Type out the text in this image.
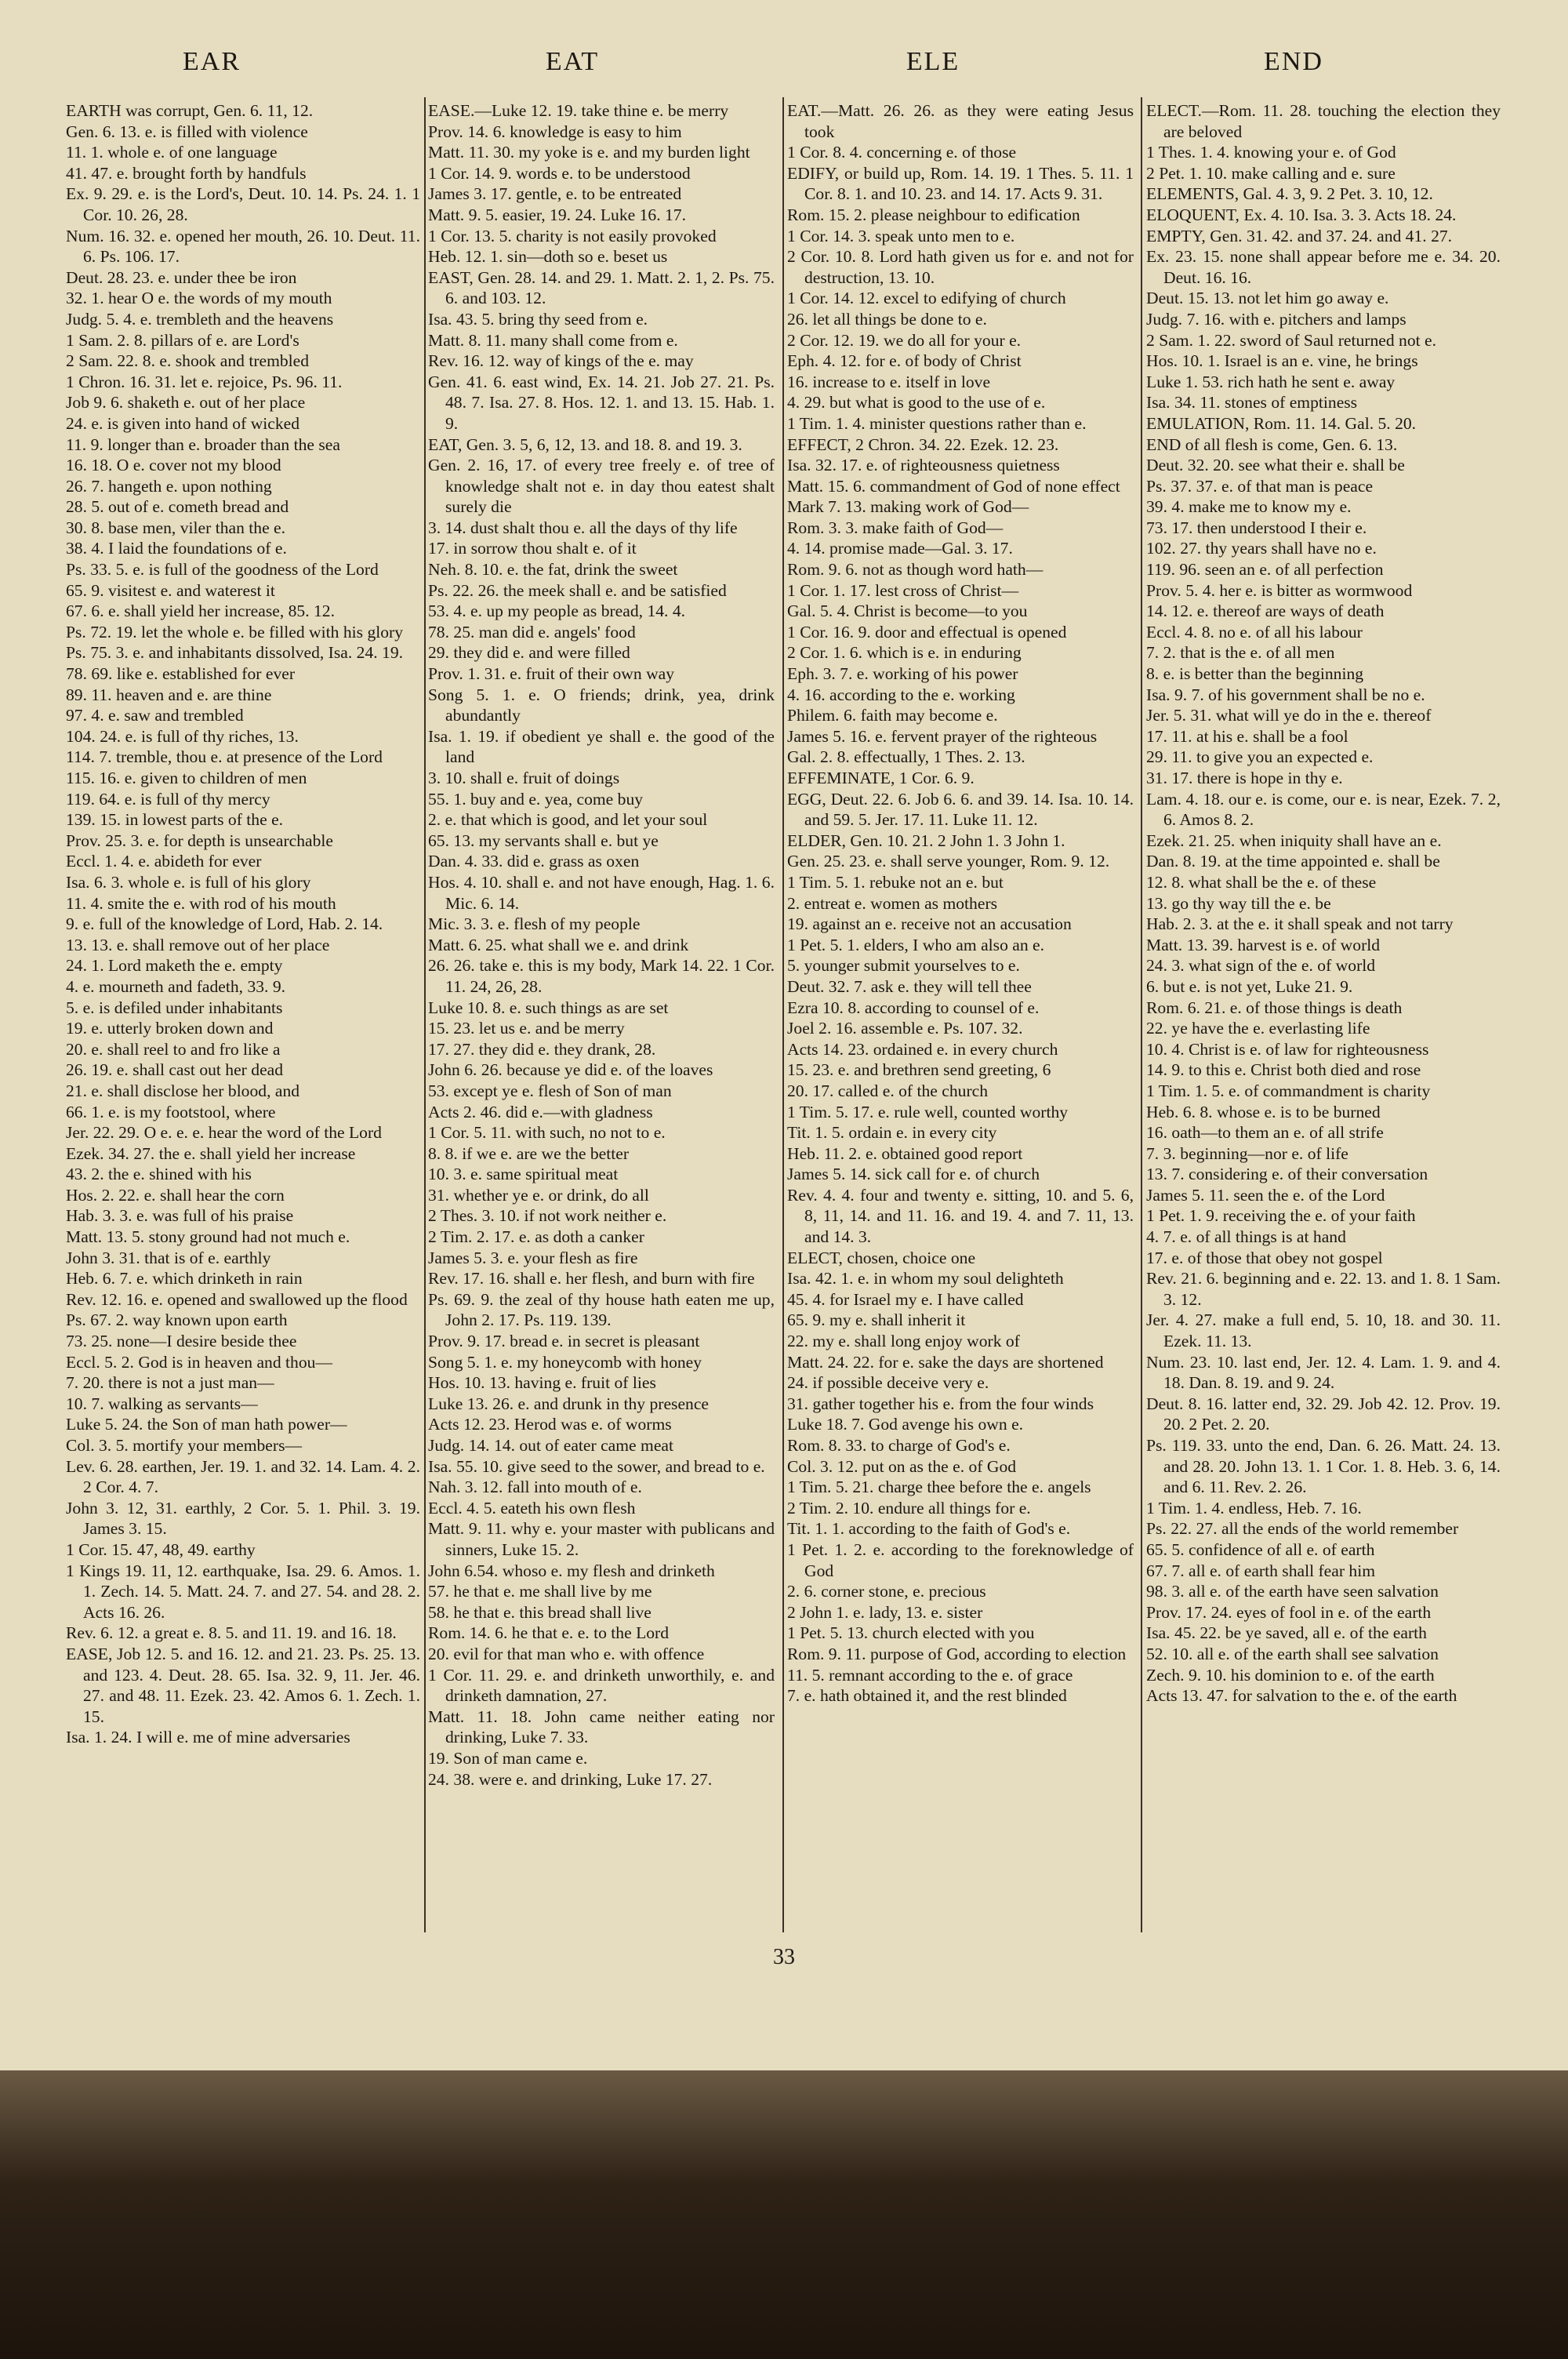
EAR	EAT	ELE	END
EARTH was corrupt, Gen. 6. 11, 12.
Gen. 6. 13. e. is filled with violence
11. 1. whole e. of one language
41. 47. e. brought forth by handfuls
Ex. 9. 29. e. is the Lord's, Deut. 10. 14. Ps. 24. 1. 1 Cor. 10. 26, 28.
Num. 16. 32. e. opened her mouth, 26. 10. Deut. 11. 6. Ps. 106. 17.
Deut. 28. 23. e. under thee be iron
32. 1. hear O e. the words of my mouth
Judg. 5. 4. e. trembleth and the heavens
1 Sam. 2. 8. pillars of e. are Lord's
2 Sam. 22. 8. e. shook and trembled
1 Chron. 16. 31. let e. rejoice, Ps. 96. 11.
Job 9. 6. shaketh e. out of her place
24. e. is given into hand of wicked
11. 9. longer than e. broader than the sea
16. 18. O e. cover not my blood
26. 7. hangeth e. upon nothing
28. 5. out of e. cometh bread and
30. 8. base men, viler than the e.
38. 4. I laid the foundations of e.
Ps. 33. 5. e. is full of the goodness of the Lord
65. 9. visitest e. and waterest it
67. 6. e. shall yield her increase, 85. 12.
Ps. 72. 19. let the whole e. be filled with his glory
Ps. 75. 3. e. and inhabitants dissolved, Isa. 24. 19.
78. 69. like e. established for ever
89. 11. heaven and e. are thine
97. 4. e. saw and trembled
104. 24. e. is full of thy riches, 13.
114. 7. tremble, thou e. at presence of the Lord
115. 16. e. given to children of men
119. 64. e. is full of thy mercy
139. 15. in lowest parts of the e.
Prov. 25. 3. e. for depth is unsearchable
Eccl. 1. 4. e. abideth for ever
Isa. 6. 3. whole e. is full of his glory
11. 4. smite the e. with rod of his mouth
9. e. full of the knowledge of Lord, Hab. 2. 14.
13. 13. e. shall remove out of her place
24. 1. Lord maketh the e. empty
4. e. mourneth and fadeth, 33. 9.
5. e. is defiled under inhabitants
19. e. utterly broken down and
20. e. shall reel to and fro like a
26. 19. e. shall cast out her dead
21. e. shall disclose her blood, and
66. 1. e. is my footstool, where
Jer. 22. 29. O e. e. e. hear the word of the Lord
Ezek. 34. 27. the e. shall yield her increase
43. 2. the e. shined with his
Hos. 2. 22. e. shall hear the corn
Hab. 3. 3. e. was full of his praise
Matt. 13. 5. stony ground had not much e.
John 3. 31. that is of e. earthly
Heb. 6. 7. e. which drinketh in rain
Rev. 12. 16. e. opened and swallowed up the flood
Ps. 67. 2. way known upon earth
73. 25. none—I desire beside thee
Eccl. 5. 2. God is in heaven and thou—
7. 20. there is not a just man—
10. 7. walking as servants—
Luke 5. 24. the Son of man hath power—
Col. 3. 5. mortify your members—
Lev. 6. 28. earthen, Jer. 19. 1. and 32. 14. Lam. 4. 2. 2 Cor. 4. 7.
John 3. 12, 31. earthly, 2 Cor. 5. 1. Phil. 3. 19. James 3. 15.
1 Cor. 15. 47, 48, 49. earthy
1 Kings 19. 11, 12. earthquake, Isa. 29. 6. Amos. 1. 1. Zech. 14. 5. Matt. 24. 7. and 27. 54. and 28. 2. Acts 16. 26.
Rev. 6. 12. a great e. 8. 5. and 11. 19. and 16. 18.
EASE, Job 12. 5. and 16. 12. and 21. 23. Ps. 25. 13. and 123. 4. Deut. 28. 65. Isa. 32. 9, 11. Jer. 46. 27. and 48. 11. Ezek. 23. 42. Amos 6. 1. Zech. 1. 15.
Isa. 1. 24. I will e. me of mine adversaries
EASE.—Luke 12. 19. take thine e. be merry
Prov. 14. 6. knowledge is easy to him
Matt. 11. 30. my yoke is e. and my burden light
1 Cor. 14. 9. words e. to be understood
James 3. 17. gentle, e. to be entreated
Matt. 9. 5. easier, 19. 24. Luke 16. 17.
1 Cor. 13. 5. charity is not easily provoked
Heb. 12. 1. sin—doth so e. beset us
EAST, Gen. 28. 14. and 29. 1. Matt. 2. 1, 2. Ps. 75. 6. and 103. 12.
Isa. 43. 5. bring thy seed from e.
Matt. 8. 11. many shall come from e.
Rev. 16. 12. way of kings of the e. may
Gen. 41. 6. east wind, Ex. 14. 21. Job 27. 21. Ps. 48. 7. Isa. 27. 8. Hos. 12. 1. and 13. 15. Hab. 1. 9.
EAT, Gen. 3. 5, 6, 12, 13. and 18. 8. and 19. 3.
Gen. 2. 16, 17. of every tree freely e. of tree of knowledge shalt not e. in day thou eatest shalt surely die
3. 14. dust shalt thou e. all the days of thy life
17. in sorrow thou shalt e. of it
Neh. 8. 10. e. the fat, drink the sweet
Ps. 22. 26. the meek shall e. and be satisfied
53. 4. e. up my people as bread, 14. 4.
78. 25. man did e. angels' food
29. they did e. and were filled
Prov. 1. 31. e. fruit of their own way
Song 5. 1. e. O friends; drink, yea, drink abundantly
Isa. 1. 19. if obedient ye shall e. the good of the land
3. 10. shall e. fruit of doings
55. 1. buy and e. yea, come buy
2. e. that which is good, and let your soul
65. 13. my servants shall e. but ye
Dan. 4. 33. did e. grass as oxen
Hos. 4. 10. shall e. and not have enough, Hag. 1. 6. Mic. 6. 14.
Mic. 3. 3. e. flesh of my people
Matt. 6. 25. what shall we e. and drink
26. 26. take e. this is my body, Mark 14. 22. 1 Cor. 11. 24, 26, 28.
Luke 10. 8. e. such things as are set
15. 23. let us e. and be merry
17. 27. they did e. they drank, 28.
John 6. 26. because ye did e. of the loaves
53. except ye e. flesh of Son of man
Acts 2. 46. did e.—with gladness
1 Cor. 5. 11. with such, no not to e.
8. 8. if we e. are we the better
10. 3. e. same spiritual meat
31. whether ye e. or drink, do all
2 Thes. 3. 10. if not work neither e.
2 Tim. 2. 17. e. as doth a canker
James 5. 3. e. your flesh as fire
Rev. 17. 16. shall e. her flesh, and burn with fire
Ps. 69. 9. the zeal of thy house hath eaten me up, John 2. 17. Ps. 119. 139.
Prov. 9. 17. bread e. in secret is pleasant
Song 5. 1. e. my honeycomb with honey
Hos. 10. 13. having e. fruit of lies
Luke 13. 26. e. and drunk in thy presence
Acts 12. 23. Herod was e. of worms
Judg. 14. 14. out of eater came meat
Isa. 55. 10. give seed to the sower, and bread to e.
Nah. 3. 12. fall into mouth of e.
Eccl. 4. 5. eateth his own flesh
Matt. 9. 11. why e. your master with publicans and sinners, Luke 15. 2.
John 6.54. whoso e. my flesh and drinketh
57. he that e. me shall live by me
58. he that e. this bread shall live
Rom. 14. 6. he that e. e. to the Lord
20. evil for that man who e. with offence
1 Cor. 11. 29. e. and drinketh unworthily, e. and drinketh damnation, 27.
Matt. 11. 18. John came neither eating nor drinking, Luke 7. 33.
19. Son of man came e.
24. 38. were e. and drinking, Luke 17. 27.
EAT.—Matt. 26. 26. as they were eating Jesus took
1 Cor. 8. 4. concerning e. of those
EDIFY, or build up, Rom. 14. 19. 1 Thes. 5. 11. 1 Cor. 8. 1. and 10. 23. and 14. 17. Acts 9. 31.
Rom. 15. 2. please neighbour to edification
1 Cor. 14. 3. speak unto men to e.
2 Cor. 10. 8. Lord hath given us for e. and not for destruction, 13. 10.
1 Cor. 14. 12. excel to edifying of church
26. let all things be done to e.
2 Cor. 12. 19. we do all for your e.
Eph. 4. 12. for e. of body of Christ
16. increase to e. itself in love
4. 29. but what is good to the use of e.
1 Tim. 1. 4. minister questions rather than e.
EFFECT, 2 Chron. 34. 22. Ezek. 12. 23.
Isa. 32. 17. e. of righteousness quietness
Matt. 15. 6. commandment of God of none effect
Mark 7. 13. making work of God—
Rom. 3. 3. make faith of God—
4. 14. promise made—Gal. 3. 17.
Rom. 9. 6. not as though word hath—
1 Cor. 1. 17. lest cross of Christ—
Gal. 5. 4. Christ is become—to you
1 Cor. 16. 9. door and effectual is opened
2 Cor. 1. 6. which is e. in enduring
Eph. 3. 7. e. working of his power
4. 16. according to the e. working
Philem. 6. faith may become e.
James 5. 16. e. fervent prayer of the righteous
Gal. 2. 8. effectually, 1 Thes. 2. 13.
EFFEMINATE, 1 Cor. 6. 9.
EGG, Deut. 22. 6. Job 6. 6. and 39. 14. Isa. 10. 14. and 59. 5. Jer. 17. 11. Luke 11. 12.
ELDER, Gen. 10. 21. 2 John 1. 3 John 1.
Gen. 25. 23. e. shall serve younger, Rom. 9. 12.
1 Tim. 5. 1. rebuke not an e. but
2. entreat e. women as mothers
19. against an e. receive not an accusation
1 Pet. 5. 1. elders, I who am also an e.
5. younger submit yourselves to e.
Deut. 32. 7. ask e. they will tell thee
Ezra 10. 8. according to counsel of e.
Joel 2. 16. assemble e. Ps. 107. 32.
Acts 14. 23. ordained e. in every church
15. 23. e. and brethren send greeting, 6
20. 17. called e. of the church
1 Tim. 5. 17. e. rule well, counted worthy
Tit. 1. 5. ordain e. in every city
Heb. 11. 2. e. obtained good report
James 5. 14. sick call for e. of church
Rev. 4. 4. four and twenty e. sitting, 10. and 5. 6, 8, 11, 14. and 11. 16. and 19. 4. and 7. 11, 13. and 14. 3.
ELECT, chosen, choice one
Isa. 42. 1. e. in whom my soul delighteth
45. 4. for Israel my e. I have called
65. 9. my e. shall inherit it
22. my e. shall long enjoy work of
Matt. 24. 22. for e. sake the days are shortened
24. if possible deceive very e.
31. gather together his e. from the four winds
Luke 18. 7. God avenge his own e.
Rom. 8. 33. to charge of God's e.
Col. 3. 12. put on as the e. of God
1 Tim. 5. 21. charge thee before the e. angels
2 Tim. 2. 10. endure all things for e.
Tit. 1. 1. according to the faith of God's e.
1 Pet. 1. 2. e. according to the foreknowledge of God
2. 6. corner stone, e. precious
2 John 1. e. lady, 13. e. sister
1 Pet. 5. 13. church elected with you
Rom. 9. 11. purpose of God, according to election
11. 5. remnant according to the e. of grace
7. e. hath obtained it, and the rest blinded
ELECT.—Rom. 11. 28. touching the election they are beloved
1 Thes. 1. 4. knowing your e. of God
2 Pet. 1. 10. make calling and e. sure
ELEMENTS, Gal. 4. 3, 9. 2 Pet. 3. 10, 12.
ELOQUENT, Ex. 4. 10. Isa. 3. 3. Acts 18. 24.
EMPTY, Gen. 31. 42. and 37. 24. and 41. 27.
Ex. 23. 15. none shall appear before me e. 34. 20. Deut. 16. 16.
Deut. 15. 13. not let him go away e.
Judg. 7. 16. with e. pitchers and lamps
2 Sam. 1. 22. sword of Saul returned not e.
Hos. 10. 1. Israel is an e. vine, he brings
Luke 1. 53. rich hath he sent e. away
Isa. 34. 11. stones of emptiness
EMULATION, Rom. 11. 14. Gal. 5. 20.
END of all flesh is come, Gen. 6. 13.
Deut. 32. 20. see what their e. shall be
Ps. 37. 37. e. of that man is peace
39. 4. make me to know my e.
73. 17. then understood I their e.
102. 27. thy years shall have no e.
119. 96. seen an e. of all perfection
Prov. 5. 4. her e. is bitter as wormwood
14. 12. e. thereof are ways of death
Eccl. 4. 8. no e. of all his labour
7. 2. that is the e. of all men
8. e. is better than the beginning
Isa. 9. 7. of his government shall be no e.
Jer. 5. 31. what will ye do in the e. thereof
17. 11. at his e. shall be a fool
29. 11. to give you an expected e.
31. 17. there is hope in thy e.
Lam. 4. 18. our e. is come, our e. is near, Ezek. 7. 2, 6. Amos 8. 2.
Ezek. 21. 25. when iniquity shall have an e.
Dan. 8. 19. at the time appointed e. shall be
12. 8. what shall be the e. of these
13. go thy way till the e. be
Hab. 2. 3. at the e. it shall speak and not tarry
Matt. 13. 39. harvest is e. of world
24. 3. what sign of the e. of world
6. but e. is not yet, Luke 21. 9.
Rom. 6. 21. e. of those things is death
22. ye have the e. everlasting life
10. 4. Christ is e. of law for righteousness
14. 9. to this e. Christ both died and rose
1 Tim. 1. 5. e. of commandment is charity
Heb. 6. 8. whose e. is to be burned
16. oath—to them an e. of all strife
7. 3. beginning—nor e. of life
13. 7. considering e. of their conversation
James 5. 11. seen the e. of the Lord
1 Pet. 1. 9. receiving the e. of your faith
4. 7. e. of all things is at hand
17. e. of those that obey not gospel
Rev. 21. 6. beginning and e. 22. 13. and 1. 8. 1 Sam. 3. 12.
Jer. 4. 27. make a full end, 5. 10, 18. and 30. 11. Ezek. 11. 13.
Num. 23. 10. last end, Jer. 12. 4. Lam. 1. 9. and 4. 18. Dan. 8. 19. and 9. 24.
Deut. 8. 16. latter end, 32. 29. Job 42. 12. Prov. 19. 20. 2 Pet. 2. 20.
Ps. 119. 33. unto the end, Dan. 6. 26. Matt. 24. 13. and 28. 20. John 13. 1. 1 Cor. 1. 8. Heb. 3. 6, 14. and 6. 11. Rev. 2. 26.
1 Tim. 1. 4. endless, Heb. 7. 16.
Ps. 22. 27. all the ends of the world remember
65. 5. confidence of all e. of earth
67. 7. all e. of earth shall fear him
98. 3. all e. of the earth have seen salvation
Prov. 17. 24. eyes of fool in e. of the earth
Isa. 45. 22. be ye saved, all e. of the earth
52. 10. all e. of the earth shall see salvation
Zech. 9. 10. his dominion to e. of the earth
Acts 13. 47. for salvation to the e. of the earth
33
